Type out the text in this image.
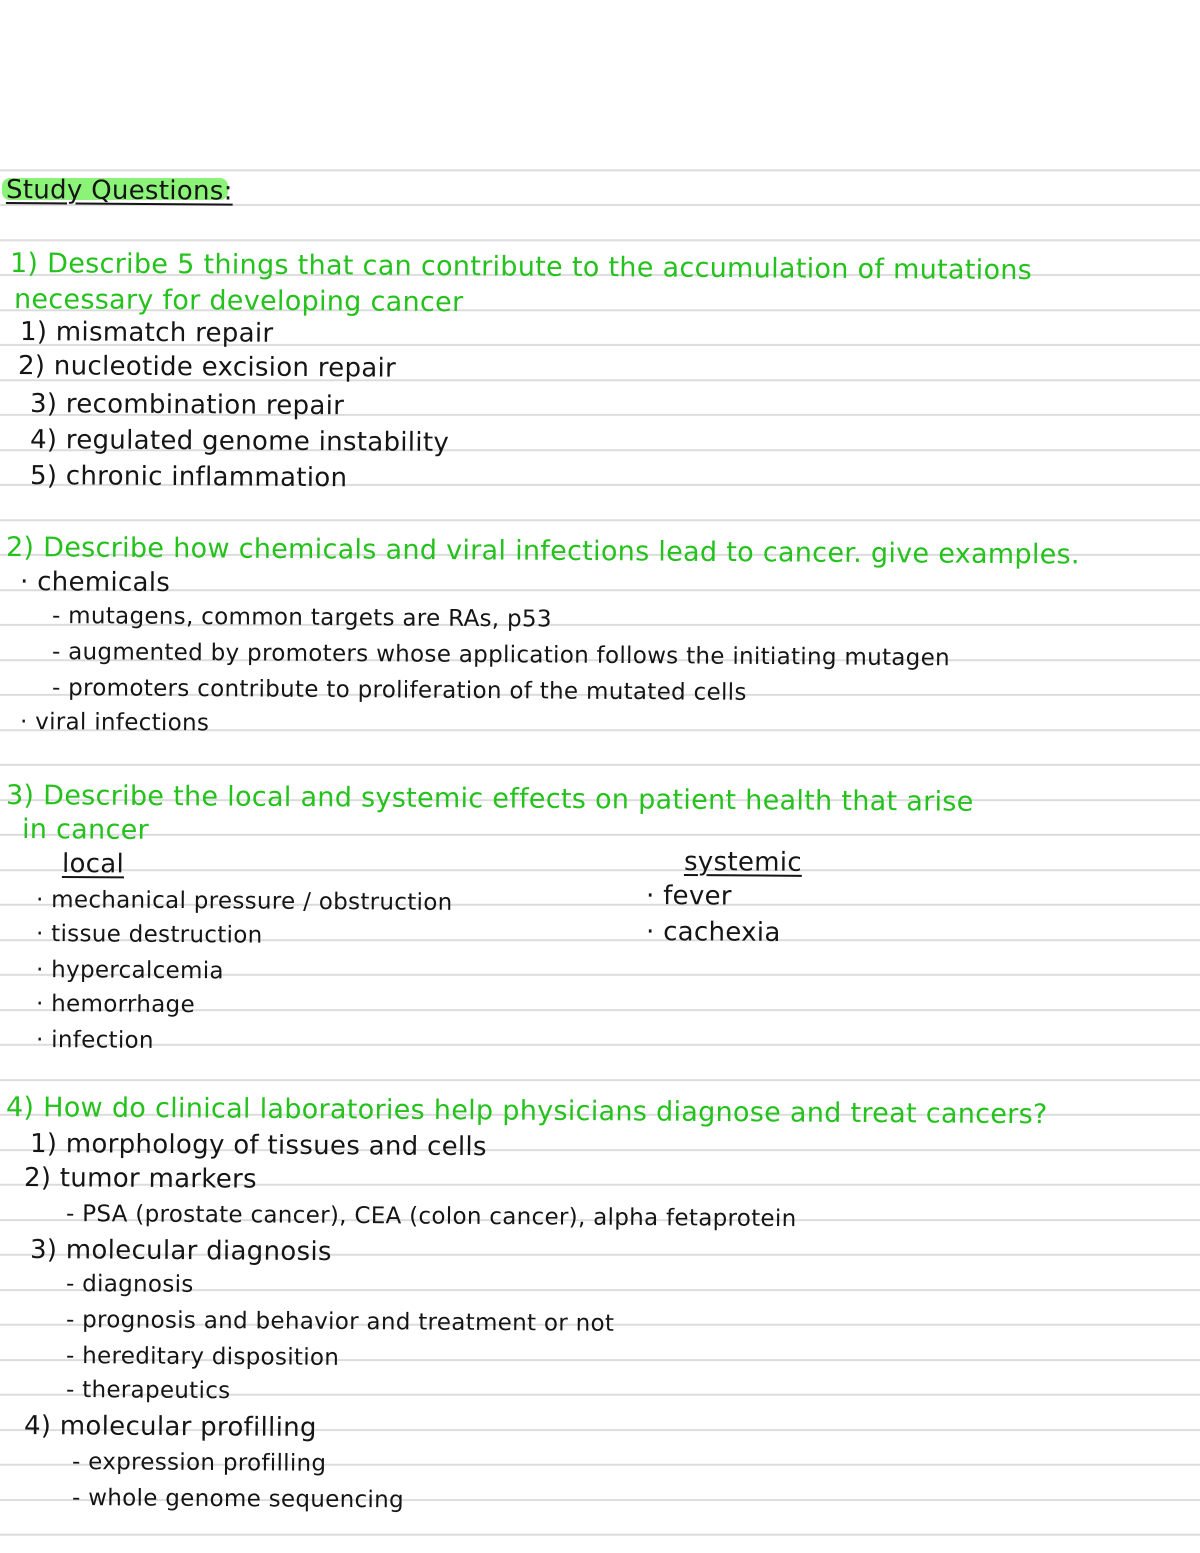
Study Questions:
1) Describe 5 things that can contribute to the accumulation of mutations
necessary for developing cancer
1) mismatch repair
2) nucleotide excision repair
3) recombination repair
4) regulated genome instability
5) chronic inflammation
2) Describe how chemicals and viral infections lead to cancer. give examples.
· chemicals
- mutagens, common targets are RAs, p53
- augmented by promoters whose application follows the initiating mutagen
- promoters contribute to proliferation of the mutated cells
· viral infections
3) Describe the local and systemic effects on patient health that arise
in cancer
local
· mechanical pressure / obstruction
· tissue destruction
· hypercalcemia
· hemorrhage
· infection
systemic
· fever
· cachexia
4) How do clinical laboratories help physicians diagnose and treat cancers?
1) morphology of tissues and cells
2) tumor markers
- PSA (prostate cancer), CEA (colon cancer), alpha fetaprotein
3) molecular diagnosis
- diagnosis
- prognosis and behavior and treatment or not
- hereditary disposition
- therapeutics
4) molecular profilling
- expression profilling
- whole genome sequencing
